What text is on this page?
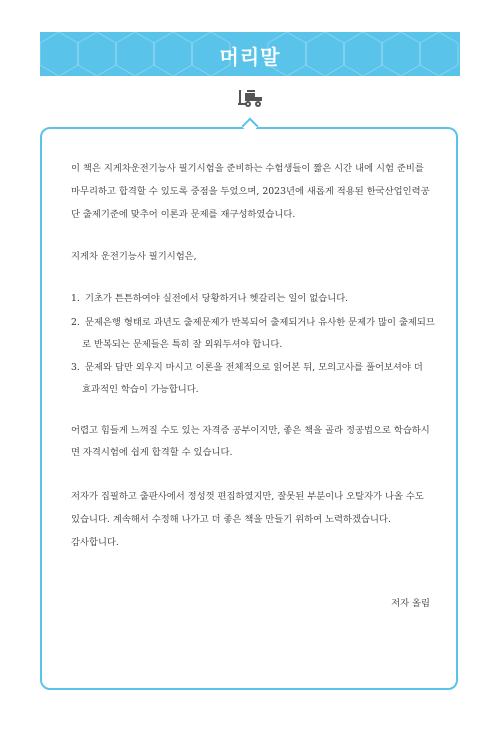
머리말

이 책은 지게차운전기능사 필기시험을 준비하는 수험생들이 짧은 시간 내에 시험 준비를

마무리하고 합격할 수 있도록 중점을 두었으며, 2023년에 새롭게 적용된 한국산업인력공

단 출제기준에 맞추어 이론과 문제를 재구성하였습니다.

지게차 운전기능사 필기시험은,

1. 기초가 튼튼하여야 실전에서 당황하거나 헷갈리는 일이 없습니다.
2. 문제은행 형태로 과년도 출제문제가 반복되어 출제되거나 유사한 문제가 많이 출제되므
로 반복되는 문제들은 특히 잘 외워두셔야 합니다.
3. 문제와 답만 외우지 마시고 이론을 전체적으로 읽어본 뒤, 모의고사를 풀어보셔야 더
효과적인 학습이 가능합니다.

어렵고 힘들게 느껴질 수도 있는 자격증 공부이지만, 좋은 책을 골라 정공법으로 학습하시

면 자격시험에 쉽게 합격할 수 있습니다.

저자가 집필하고 출판사에서 정성껏 편집하였지만, 잘못된 부분이나 오탈자가 나올 수도

있습니다. 계속해서 수정해 나가고 더 좋은 책을 만들기 위하여 노력하겠습니다.

감사합니다.

저자 올림
